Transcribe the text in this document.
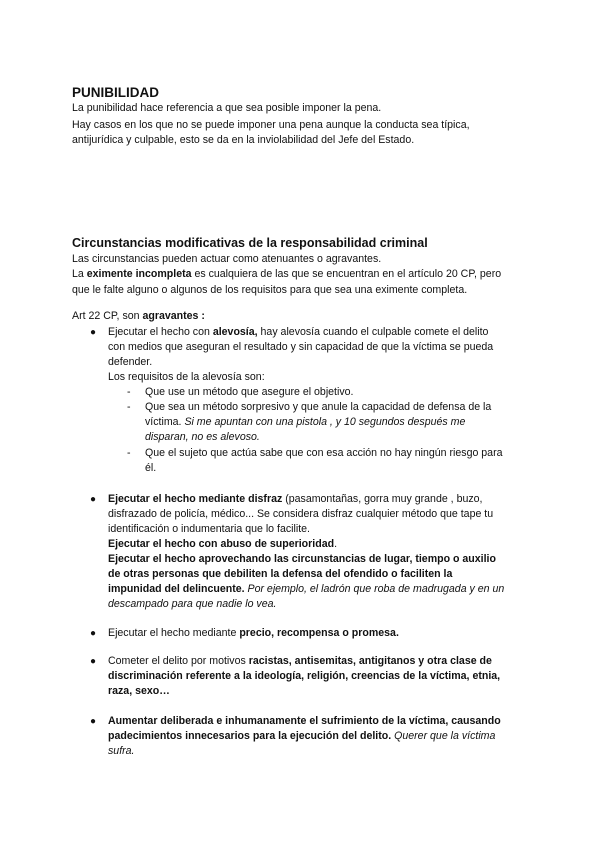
PUNIBILIDAD
La punibilidad hace referencia a que sea posible imponer la pena.
Hay casos en los que no se puede imponer una pena aunque la conducta sea típica,
antijurídica y culpable, esto se da en la inviolabilidad del Jefe del Estado.
Circunstancias modificativas de la responsabilidad criminal
Las circunstancias pueden actuar como atenuantes o agravantes.
La eximente incompleta es cualquiera de las que se encuentran en el artículo 20 CP, pero
que le falte alguno o algunos de los requisitos para que sea una eximente completa.
Art 22 CP, son agravantes :
● Ejecutar el hecho con alevosía, hay alevosía cuando el culpable comete el delito
con medios que aseguran el resultado y sin capacidad de que la víctima se pueda
defender.
Los requisitos de la alevosía son:
- Que use un método que asegure el objetivo.
- Que sea un método sorpresivo y que anule la capacidad de defensa de la
víctima. Si me apuntan con una pistola , y 10 segundos después me
disparan, no es alevoso.
- Que el sujeto que actúa sabe que con esa acción no hay ningún riesgo para
él.
● Ejecutar el hecho mediante disfraz (pasamontañas, gorra muy grande , buzo,
disfrazado de policía, médico... Se considera disfraz cualquier método que tape tu
identificación o indumentaria que lo facilite.
Ejecutar el hecho con abuso de superioridad.
Ejecutar el hecho aprovechando las circunstancias de lugar, tiempo o auxilio
de otras personas que debiliten la defensa del ofendido o faciliten la
impunidad del delincuente. Por ejemplo, el ladrón que roba de madrugada y en un
descampado para que nadie lo vea.
● Ejecutar el hecho mediante precio, recompensa o promesa.
● Cometer el delito por motivos racistas, antisemitas, antigitanos y otra clase de
discriminación referente a la ideología, religión, creencias de la víctima, etnia,
raza, sexo…
● Aumentar deliberada e inhumanamente el sufrimiento de la víctima, causando
padecimientos innecesarios para la ejecución del delito. Querer que la víctima
sufra.
